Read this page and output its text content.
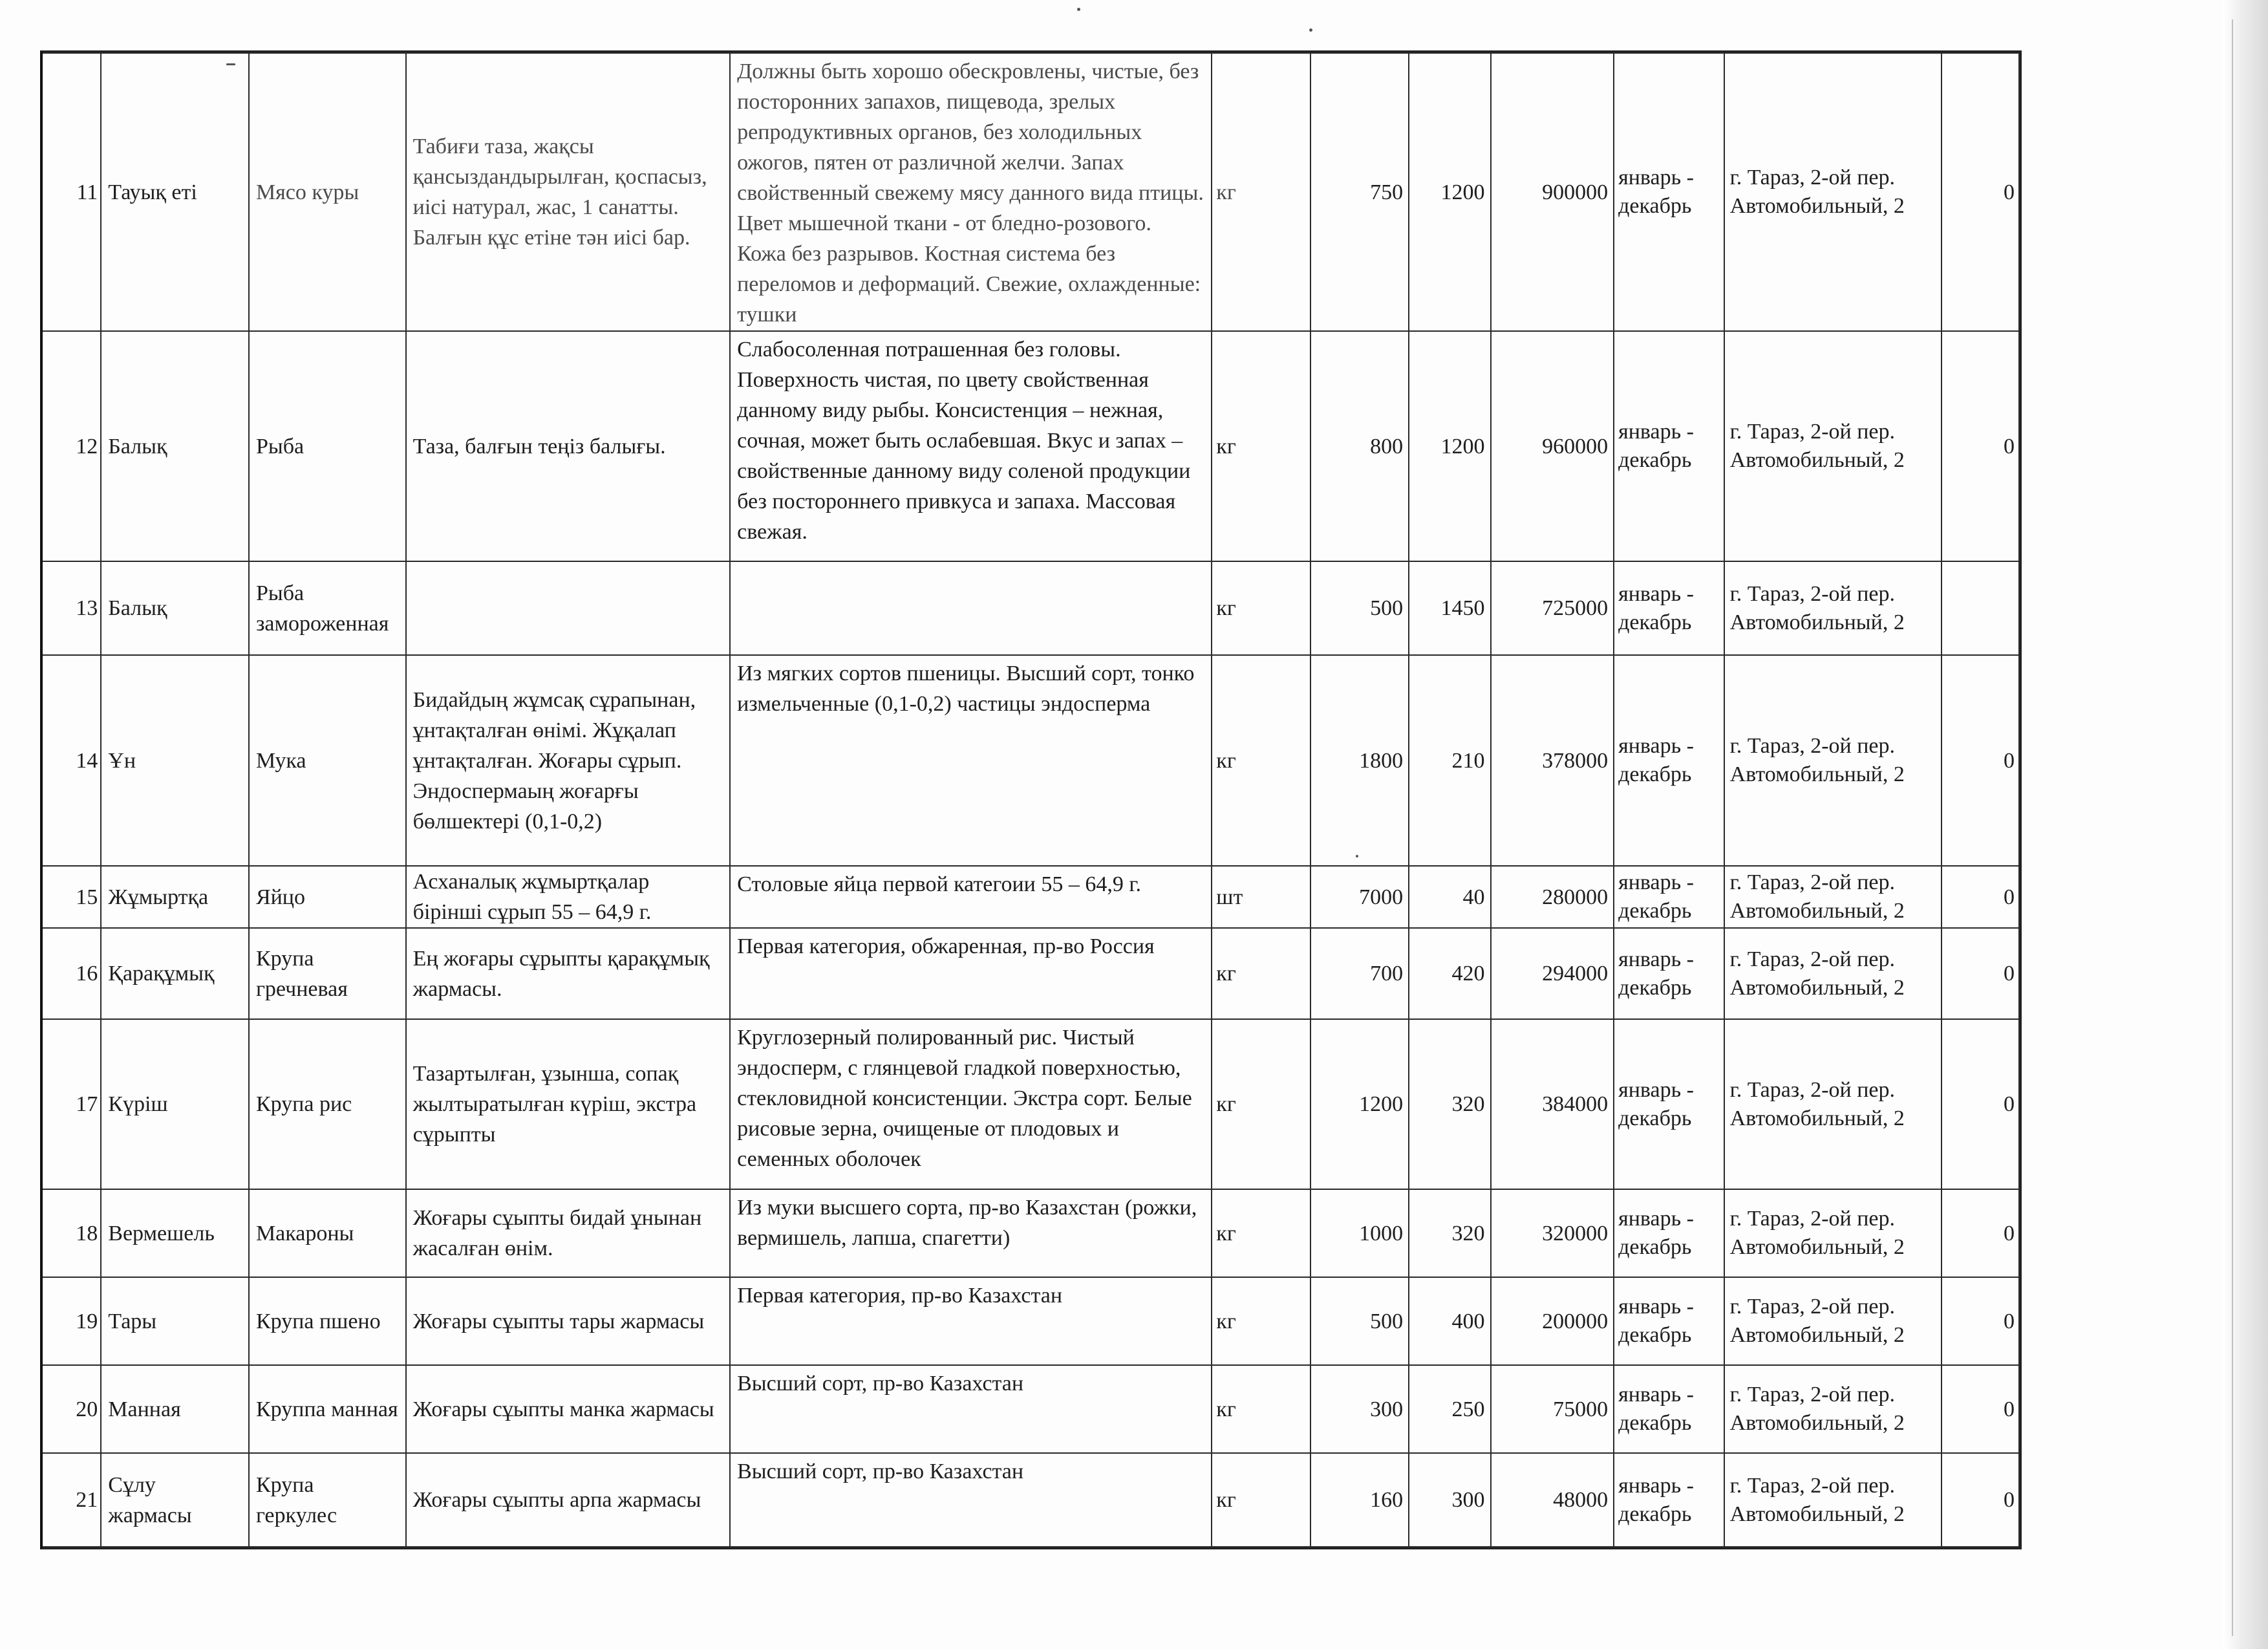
11	Тауық еті	Мясо куры	Табиғи таза, жақсы қансыздандырылған, қоспасыз, иісі натурал, жас, 1 санатты. Балғын құс етіне тән иісі бар.	Должны быть хорошо обескровлены, чистые, без посторонних запахов, пищевода, зрелых репродуктивных органов, без холодильных ожогов, пятен от различной желчи. Запах свойственный свежему мясу данного вида птицы. Цвет мышечной ткани - от бледно-розового. Кожа без разрывов. Костная система без переломов и деформаций. Свежие, охлажденные: тушки	кг	750	1200	900000	январь - декабрь	г. Тараз, 2-ой пер. Автомобильный, 2	0
12	Балық	Рыба	Таза, балғын теңіз балығы.	Слабосоленная потрашенная без головы. Поверхность чистая, по цвету свойственная данному виду рыбы. Консистенция – нежная, сочная, может быть ослабевшая. Вкус и запах – свойственные данному виду соленой продукции без постороннего привкуса и запаха. Массовая свежая.	кг	800	1200	960000	январь - декабрь	г. Тараз, 2-ой пер. Автомобильный, 2	0
13	Балық	Рыба замороженная			кг	500	1450	725000	январь - декабрь	г. Тараз, 2-ой пер. Автомобильный, 2	
14	Ұн	Мука	Бидайдың жұмсақ сұрапынан, ұнтақталған өнімі. Жұқалап ұнтақталған. Жоғары сұрып. Эндоспермаың жоғарғы бөлшектері (0,1-0,2)	Из мягких сортов пшеницы. Высший сорт, тонко измельченные (0,1-0,2) частицы эндосперма	кг	1800	210	378000	январь - декабрь	г. Тараз, 2-ой пер. Автомобильный, 2	0
15	Жұмыртқа	Яйцо	Асханалық жұмыртқалар бірінші сұрып 55 – 64,9 г.	Столовые яйца первой категоии 55 – 64,9 г.	шт	7000	40	280000	январь - декабрь	г. Тараз, 2-ой пер. Автомобильный, 2	0
16	Қарақұмық	Крупа гречневая	Ең жоғары сұрыпты қарақұмық жармасы.	Первая категория, обжаренная, пр-во Россия	кг	700	420	294000	январь - декабрь	г. Тараз, 2-ой пер. Автомобильный, 2	0
17	Күріш	Крупа рис	Тазартылған, ұзынша, сопақ жылтыратылған күріш, экстра сұрыпты	Круглозерный полированный рис. Чистый эндосперм, с глянцевой гладкой поверхностью, стекловидной консистенции. Экстра сорт. Белые рисовые зерна, очищеные от плодовых и семенных оболочек	кг	1200	320	384000	январь - декабрь	г. Тараз, 2-ой пер. Автомобильный, 2	0
18	Вермешель	Макароны	Жоғары сұыпты бидай ұнынан жасалған өнім.	Из муки высшего сорта, пр-во Казахстан (рожки, вермишель, лапша, спагетти)	кг	1000	320	320000	январь - декабрь	г. Тараз, 2-ой пер. Автомобильный, 2	0
19	Тары	Крупа пшено	Жоғары сұыпты тары жармасы	Первая категория, пр-во Казахстан	кг	500	400	200000	январь - декабрь	г. Тараз, 2-ой пер. Автомобильный, 2	0
20	Манная	Круппа манная	Жоғары сұыпты манка жармасы	Высший сорт, пр-во Казахстан	кг	300	250	75000	январь - декабрь	г. Тараз, 2-ой пер. Автомобильный, 2	0
21	Сұлу жармасы	Крупа геркулес	Жоғары сұыпты арпа жармасы	Высший сорт, пр-во Казахстан	кг	160	300	48000	январь - декабрь	г. Тараз, 2-ой пер. Автомобильный, 2	0
